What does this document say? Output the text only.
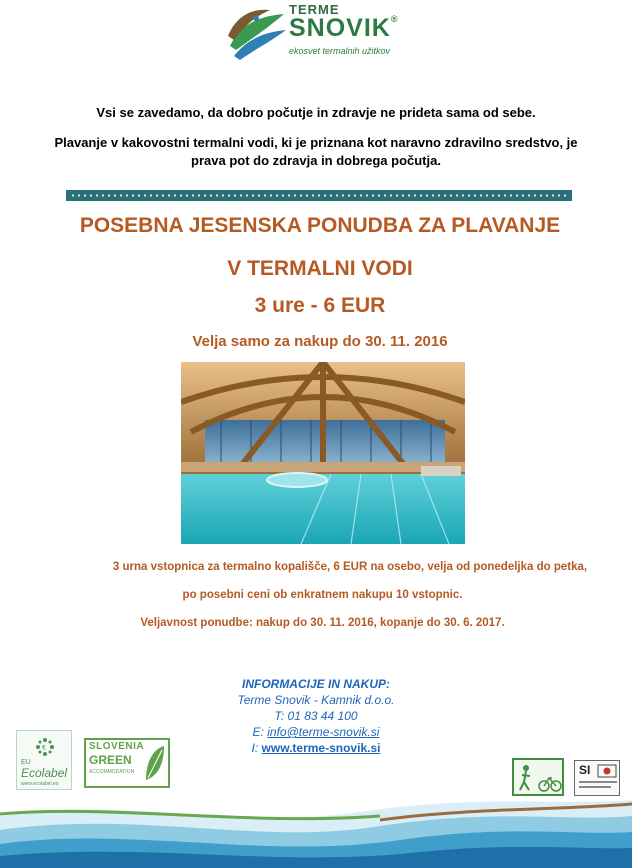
TERME
SNOVIK®
ekosvet termalnih užitkov
Vsi se zavedamo, da dobro počutje in zdravje ne prideta sama od sebe.
Plavanje v kakovostni termalni vodi, ki je priznana kot naravno zdravilno sredstvo, je
prava pot do zdravja in dobrega počutja.
POSEBNA JESENSKA PONUDBA ZA PLAVANJE
V TERMALNI VODI
3 ure - 6 EUR
Velja samo za nakup do 30. 11. 2016
3 urna vstopnica za termalno kopališče, 6 EUR na osebo, velja od ponedeljka do petka,
po posebni ceni ob enkratnem nakupu 10 vstopnic.
Veljavnost ponudbe: nakup do 30. 11. 2016, kopanje do 30. 6. 2017.
INFORMACIJE IN NAKUP:
Terme Snovik - Kamnik d.o.o.
T: 01 83 44 100
E: info@terme-snovik.si
I: www.terme-snovik.si
€
EU
Ecolabel
www.ecolabel.eu
SLOVENIA
GREEN
ACCOMMODATION	SI
